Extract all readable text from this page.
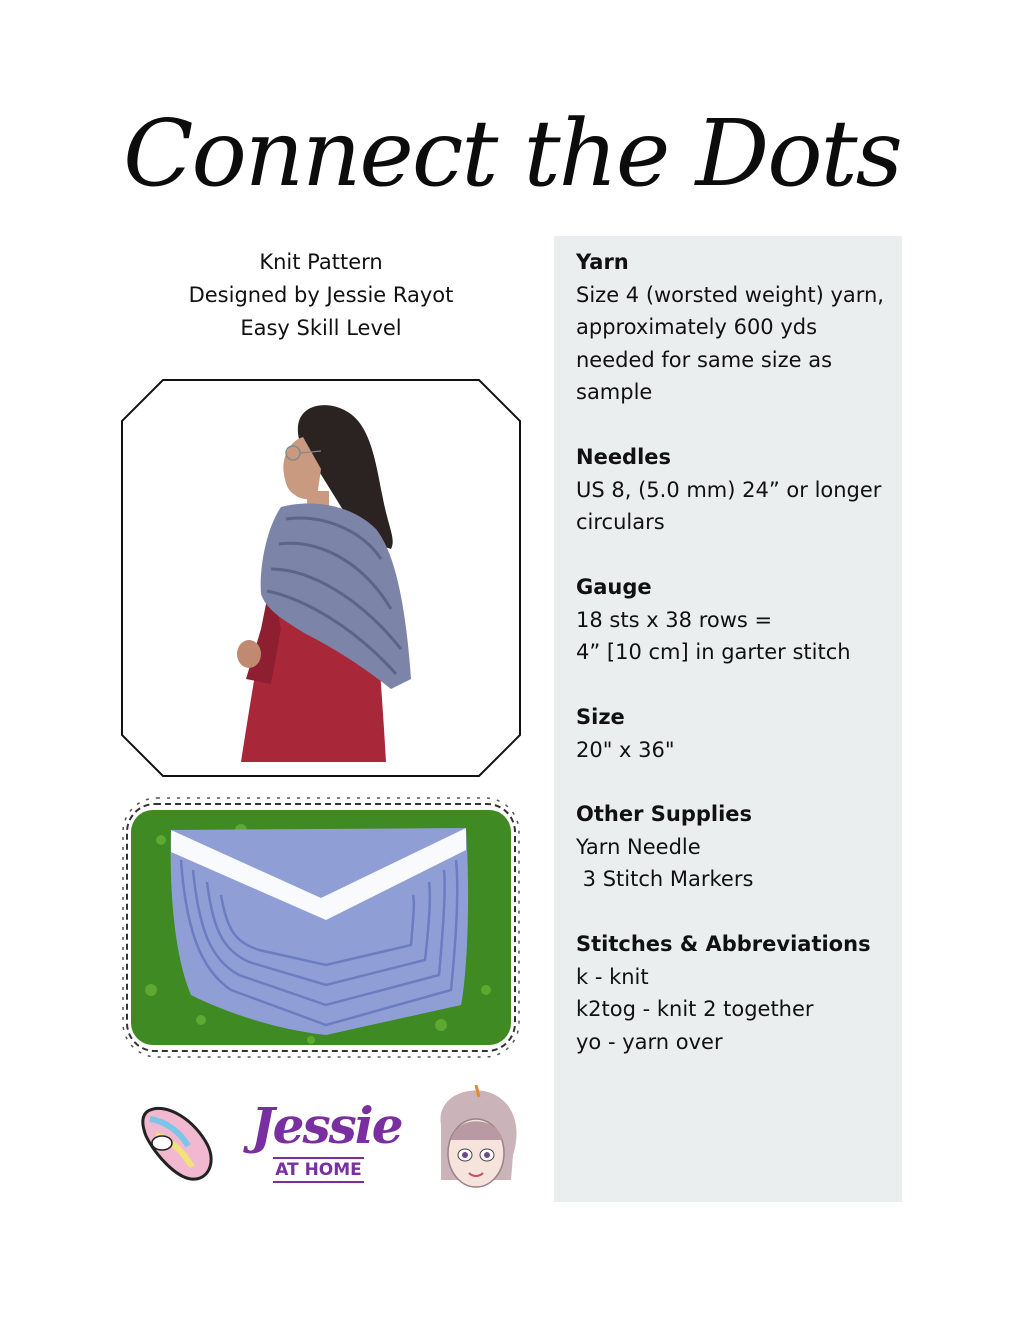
Connect the Dots
Knit Pattern
Designed by Jessie Rayot
Easy Skill Level
Jessie
AT HOME
Yarn

Size 4 (worsted weight) yarn,
approximately 600 yds
needed for same size as
sample

Needles

US 8, (5.0 mm) 24” or longer
circulars

Gauge

18 sts x 38 rows =
4” [10 cm] in garter stitch

Size

20" x 36"

Other Supplies

Yarn Needle
3 Stitch Markers

Stitches & Abbreviations

k - knit
k2tog - knit 2 together
yo - yarn over
